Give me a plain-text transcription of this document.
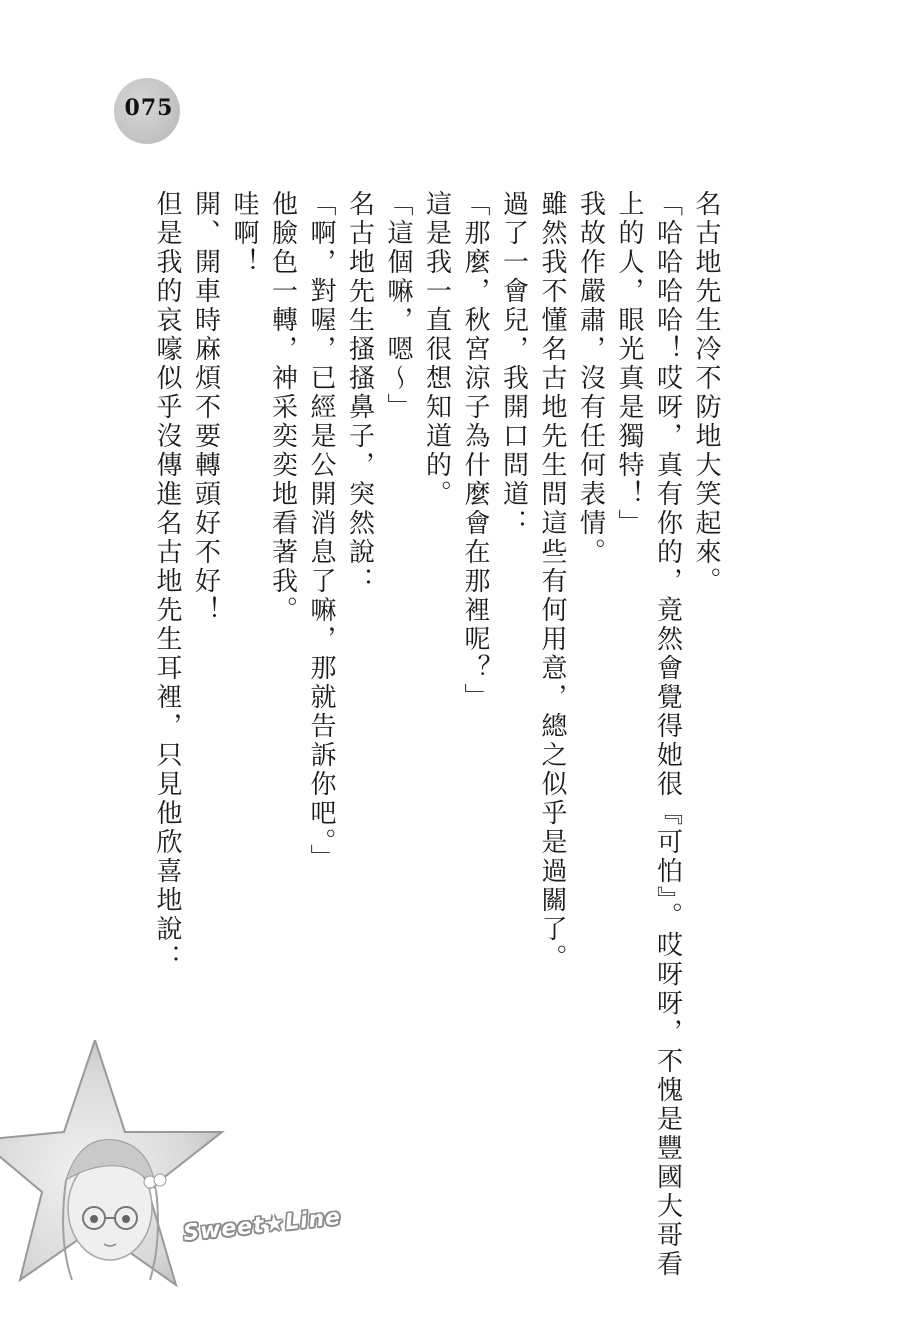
075
名古地先生冷不防地大笑起來。
「哈哈哈哈！哎呀，真有你的，竟然會覺得她很『可怕』。哎呀呀，不愧是豐國大哥看
上的人，眼光真是獨特！」
我故作嚴肅，沒有任何表情。
雖然我不懂名古地先生問這些有何用意，總之似乎是過關了。
過了一會兒，我開口問道：
「那麼，秋宮涼子為什麼會在那裡呢？」
這是我一直很想知道的。
「這個嘛，嗯～」
名古地先生搔搔鼻子，突然說：
「啊，對喔，已經是公開消息了嘛，那就告訴你吧。」
他臉色一轉，神采奕奕地看著我。
哇啊！
開、開車時麻煩不要轉頭好不好！
但是我的哀嚎似乎沒傳進名古地先生耳裡，只見他欣喜地說：
Sweet★Line
